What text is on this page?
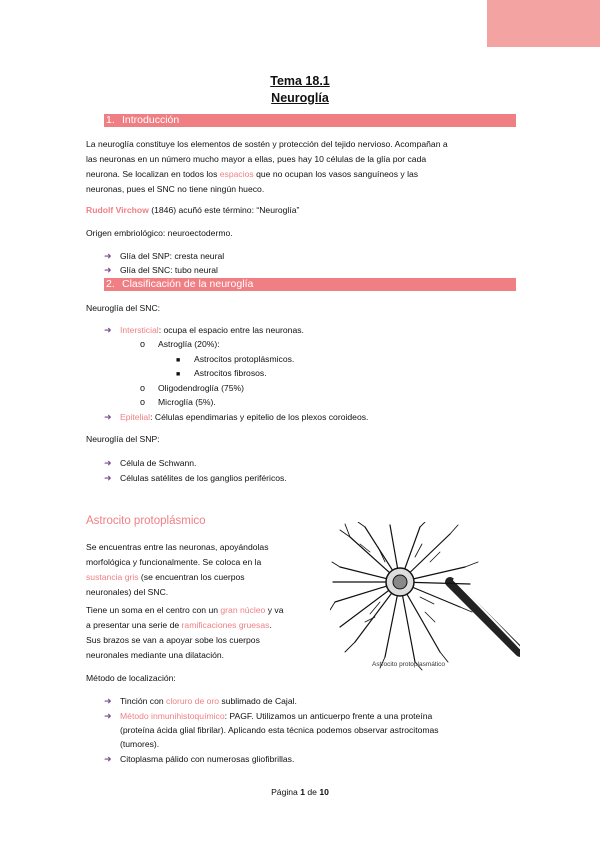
Tema 18.1
Neuroglía
1. Introducción
La neuroglía constituye los elementos de sostén y protección del tejido nervioso. Acompañan a
las neuronas en un número mucho mayor a ellas, pues hay 10 células de la glía por cada
neurona. Se localizan en todos los espacios que no ocupan los vasos sanguíneos y las
neuronas, pues el SNC no tiene ningún hueco.
Rudolf Virchow (1846) acuñó este término: “Neuroglía”
Origen embriológico: neuroectodermo.
➜ Glía del SNP: cresta neural
➜ Glía del SNC: tubo neural
2. Clasificación de la neuroglía
Neuroglía del SNC:
➜ Intersticial: ocupa el espacio entre las neuronas.
o Astroglía (20%):
■ Astrocitos protoplásmicos.
■ Astrocitos fibrosos.
o Oligodendroglía (75%)
o Microglía (5%).
➜ Epitelial: Células ependimarias y epitelio de los plexos coroideos.
Neuroglía del SNP:
➜ Célula de Schwann.
➜ Células satélites de los ganglios periféricos.
Astrocito protoplásmico
Se encuentras entre las neuronas, apoyándolas
morfológica y funcionalmente. Se coloca en la
sustancia gris (se encuentran los cuerpos
neuronales) del SNC.
Tiene un soma en el centro con un gran núcleo y va
a presentar una serie de ramificaciones gruesas.
Sus brazos se van a apoyar sobe los cuerpos
neuronales mediante una dilatación.
Astrocito protoplasmático
Método de localización:
➜ Tinción con cloruro de oro sublimado de Cajal.
➜ Método inmunihistoquímico: PAGF. Utilizamos un anticuerpo frente a una proteína
(proteína ácida glial fibrilar). Aplicando esta técnica podemos observar astrocitomas
(tumores).
➜ Citoplasma pálido con numerosas gliofibrillas.
Página 1 de 10
